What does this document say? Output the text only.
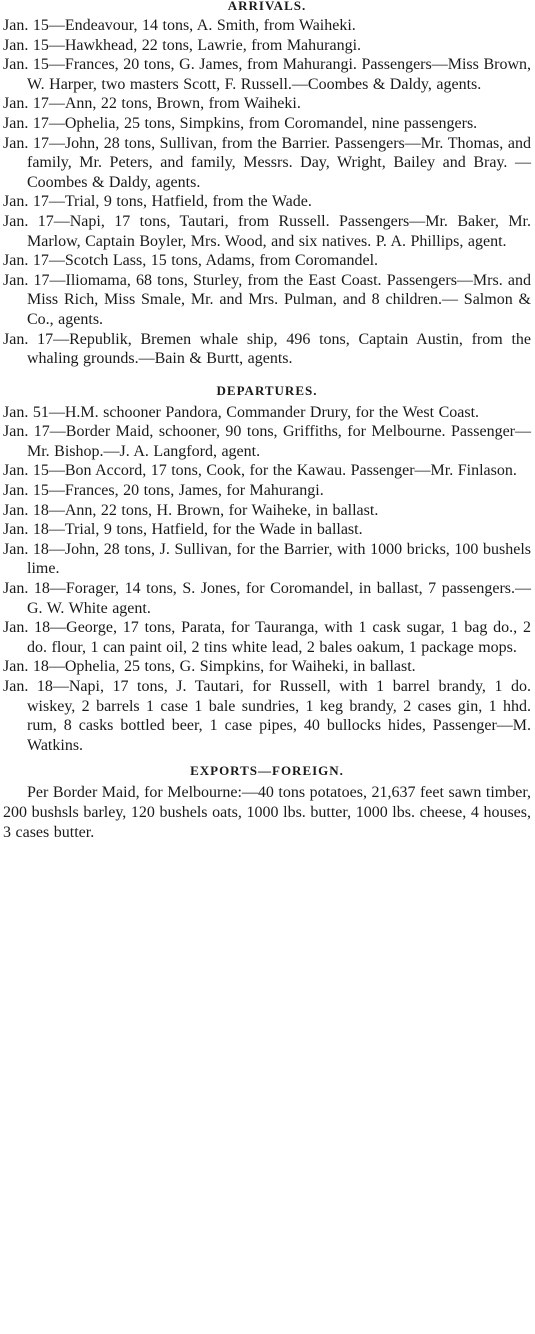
ARRIVALS.

Jan. 15—Endeavour, 14 tons, A. Smith, from Waiheki.

Jan. 15—Hawkhead, 22 tons, Lawrie, from Mahurangi.

Jan. 15—Frances, 20 tons, G. James, from Mahurangi. Passengers—Miss Brown, W. Harper, two masters Scott, F. Russell.—Coombes & Daldy, agents.

Jan. 17—Ann, 22 tons, Brown, from Waiheki.

Jan. 17—Ophelia, 25 tons, Simpkins, from Coromandel, nine passengers.

Jan. 17—John, 28 tons, Sullivan, from the Barrier. Passengers—Mr. Thomas, and family, Mr. Peters, and family, Messrs. Day, Wright, Bailey and Bray. —Coombes & Daldy, agents.

Jan. 17—Trial, 9 tons, Hatfield, from the Wade.

Jan. 17—Napi, 17 tons, Tautari, from Russell. Passengers—Mr. Baker, Mr. Marlow, Captain Boyler, Mrs. Wood, and six natives. P. A. Phillips, agent.

Jan. 17—Scotch Lass, 15 tons, Adams, from Coromandel.

Jan. 17—Iliomama, 68 tons, Sturley, from the East Coast. Passengers—Mrs. and Miss Rich, Miss Smale, Mr. and Mrs. Pulman, and 8 children.— Salmon & Co., agents.

Jan. 17—Republik, Bremen whale ship, 496 tons, Captain Austin, from the whaling grounds.—Bain & Burtt, agents.

DEPARTURES.

Jan. 51—H.M. schooner Pandora, Commander Drury, for the West Coast.

Jan. 17—Border Maid, schooner, 90 tons, Griffiths, for Melbourne. Passenger—Mr. Bishop.—J. A. Langford, agent.

Jan. 15—Bon Accord, 17 tons, Cook, for the Kawau. Passenger—Mr. Finlason.

Jan. 15—Frances, 20 tons, James, for Mahurangi.

Jan. 18—Ann, 22 tons, H. Brown, for Waiheke, in ballast.

Jan. 18—Trial, 9 tons, Hatfield, for the Wade in ballast.

Jan. 18—John, 28 tons, J. Sullivan, for the Barrier, with 1000 bricks, 100 bushels lime.

Jan. 18—Forager, 14 tons, S. Jones, for Coromandel, in ballast, 7 passengers.—G. W. White agent.

Jan. 18—George, 17 tons, Parata, for Tauranga, with 1 cask sugar, 1 bag do., 2 do. flour, 1 can paint oil, 2 tins white lead, 2 bales oakum, 1 package mops.

Jan. 18—Ophelia, 25 tons, G. Simpkins, for Waiheki, in ballast.

Jan. 18—Napi, 17 tons, J. Tautari, for Russell, with 1 barrel brandy, 1 do. wiskey, 2 barrels 1 case 1 bale sundries, 1 keg brandy, 2 cases gin, 1 hhd. rum, 8 casks bottled beer, 1 case pipes, 40 bullocks hides, Passenger—M. Watkins.

EXPORTS—FOREIGN.

Per Border Maid, for Melbourne:—40 tons potatoes, 21,637 feet sawn timber, 200 bushsls barley, 120 bushels oats, 1000 lbs. butter, 1000 lbs. cheese, 4 houses, 3 cases butter.
